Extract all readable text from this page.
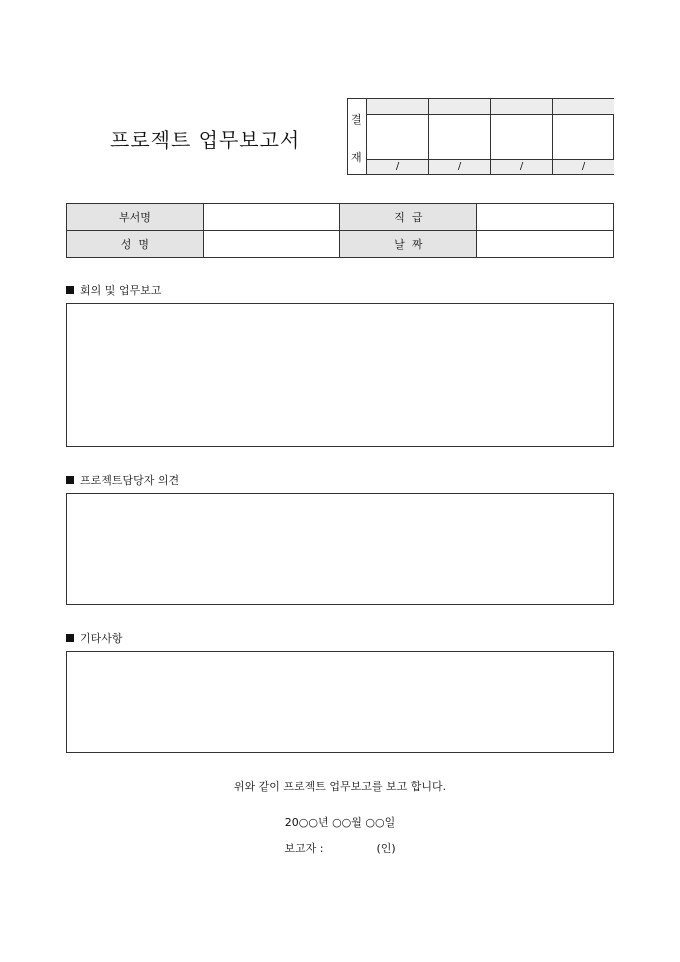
프로젝트 업무보고서
결
재
/	/	/	/
부서명		직  급	
성  명		날  짜	
회의 및 업무보고
프로젝트담당자 의견
기타사항
위와 같이 프로젝트 업무보고를 보고 합니다.
20○○년 ○○월 ○○일
보고자 :	(인)
